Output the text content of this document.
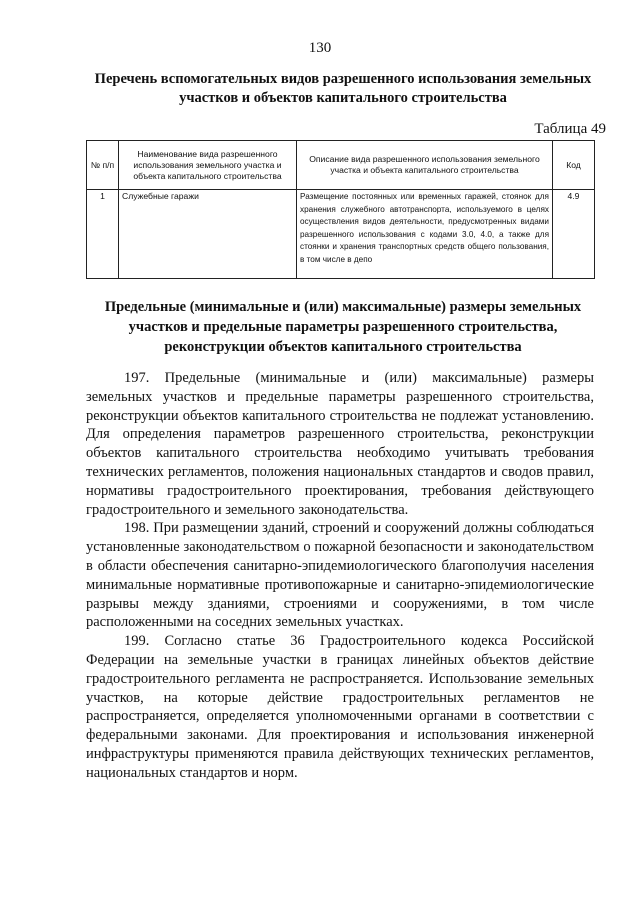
130
Перечень вспомогательных видов разрешенного использования земельных участков и объектов капитального строительства
Таблица 49
№ п/п	Наименование вида разрешенного использования земельного участка и объекта капитального строительства	Описание вида разрешенного использования земельного участка и объекта капитального строительства	Код
1	Служебные гаражи	Размещение постоянных или временных гаражей, стоянок для хранения служебного автотранспорта, используемого в целях осуществления видов деятельности, предусмотренных видами разрешенного использования с кодами 3.0, 4.0, а также для стоянки и хранения транспортных средств общего пользования, в том числе в депо	4.9
Предельные (минимальные и (или) максимальные) размеры земельных участков и предельные параметры разрешенного строительства, реконструкции объектов капитального строительства

197. Предельные (минимальные и (или) максимальные) размеры земельных участков и предельные параметры разрешенного строительства, реконструкции объектов капитального строительства не подлежат установлению. Для определения параметров разрешенного строительства, реконструкции объектов капитального строительства необходимо учитывать требования технических регламентов, положения национальных стандартов и сводов правил, нормативы градостроительного проектирования, требования действующего градостроительного и земельного законодательства.

198. При размещении зданий, строений и сооружений должны соблюдаться установленные законодательством о пожарной безопасности и законодательством в области обеспечения санитарно-эпидемиологического благополучия населения минимальные нормативные противопожарные и санитарно-эпидемиологические разрывы между зданиями, строениями и сооружениями, в том числе расположенными на соседних земельных участках.

199. Согласно статье 36 Градостроительного кодекса Российской Федерации на земельные участки в границах линейных объектов действие градостроительного регламента не распространяется. Использование земельных участков, на которые действие градостроительных регламентов не распространяется, определяется уполномоченными органами в соответствии с федеральными законами. Для проектирования и использования инженерной инфраструктуры применяются правила действующих технических регламентов, национальных стандартов и норм.
